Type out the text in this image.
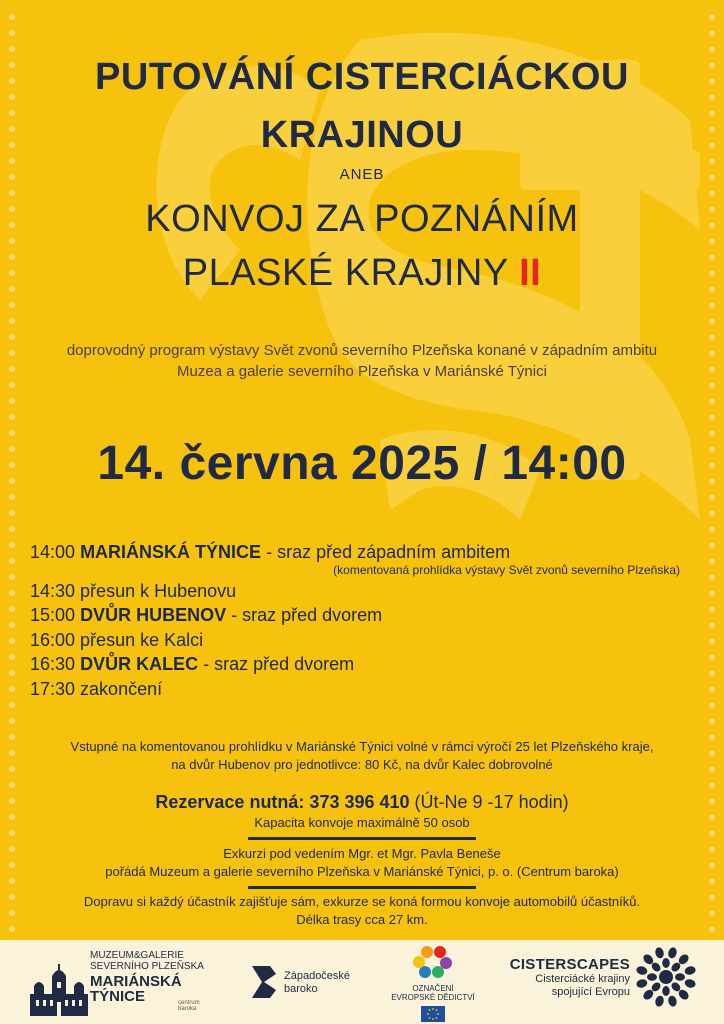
PUTOVÁNÍ CISTERCIÁCKOU
KRAJINOU
ANEB
KONVOJ ZA POZNÁNÍM
PLASKÉ KRAJINY II
doprovodný program výstavy Svět zvonů severního Plzeňska konané v západním ambitu
Muzea a galerie severního Plzeňska v Mariánské Týnici
14. června 2025 / 14:00
14:00 MARIÁNSKÁ TÝNICE - sraz před západním ambitem
(komentovaná prohlídka výstavy Svět zvonů severního Plzeňska)
14:30 přesun k Hubenovu
15:00 DVŮR HUBENOV - sraz před dvorem
16:00 přesun ke Kalci
16:30 DVŮR KALEC - sraz před dvorem
17:30 zakončení
Vstupné na komentovanou prohlídku v Mariánské Týnici volné v rámci výročí 25 let Plzeňského kraje,
na dvůr Hubenov pro jednotlivce: 80 Kč, na dvůr Kalec dobrovolné
Rezervace nutná: 373 396 410 (Út-Ne 9 -17 hodin)
Kapacita konvoje maximálně 50 osob
Exkurzi pod vedením Mgr. et Mgr. Pavla Beneše
pořádá Muzeum a galerie severního Plzeňska v Mariánské Týnici, p. o. (Centrum baroka)
Dopravu si každý účastník zajišťuje sám, exkurze se koná formou konvoje automobilů účastníků.
Délka trasy cca 27 km.
MUZEUM&GALERIE
SEVERNÍHO PLZEŇSKA
MARIÁNSKÁ
TÝNICE	centrum baroka
Západočeské
baroko	OZNAČENÍ
EVROPSKÉ DĚDICTVÍ
CISTERSCAPES
Cisterciácké krajiny
spojující Evropu
